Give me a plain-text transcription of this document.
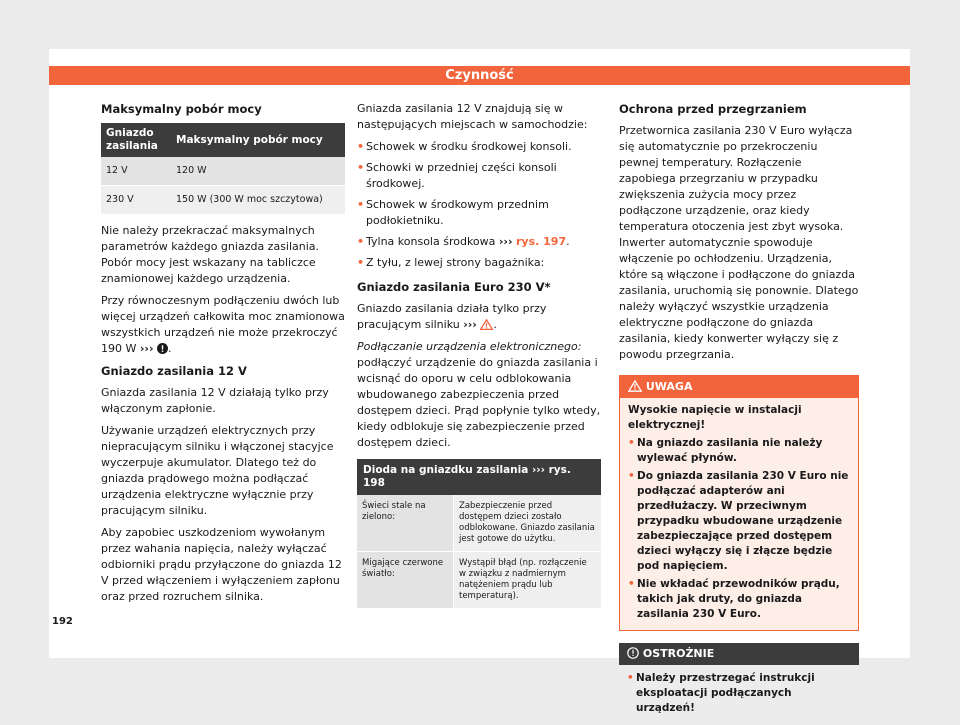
Czynność
Maksymalny pobór mocy
Gniazdo zasilania	Maksymalny pobór mocy
12 V	120 W
230 V	150 W (300 W moc szczytowa)

Nie należy przekraczać maksymalnych parametrów każdego gniazda zasilania. Pobór mocy jest wskazany na tabliczce znamionowej każdego urządzenia.

Przy równoczesnym podłączeniu dwóch lub więcej urządzeń całkowita moc znamionowa wszystkich urządzeń nie może przekroczyć 190 W ››› .

Gniazdo zasilania 12 V

Gniazda zasilania 12 V działają tylko przy włączonym zapłonie.

Używanie urządzeń elektrycznych przy niepracującym silniku i włączonej stacyjce wyczerpuje akumulator. Dlatego też do gniazda prądowego można podłączać urządzenia elektryczne wyłącznie przy pracującym silniku.

Aby zapobiec uszkodzeniom wywołanym przez wahania napięcia, należy wyłączać odbiorniki prądu przyłączone do gniazda 12 V przed włączeniem i wyłączeniem zapłonu oraz przed rozruchem silnika.

Gniazda zasilania 12 V znajdują się w następujących miejscach w samochodzie:

• Schowek w środku środkowej konsoli.
• Schowki w przedniej części konsoli środkowej.
• Schowek w środkowym przednim podłokietniku.
• Tylna konsola środkowa ››› rys. 197.
• Z tyłu, z lewej strony bagażnika:
Gniazdo zasilania Euro 230 V*

Gniazdo zasilania działa tylko przy pracującym silniku ››› .

Podłączanie urządzenia elektronicznego: podłączyć urządzenie do gniazda zasilania i wcisnąć do oporu w celu odblokowania wbudowanego zabezpieczenia przed dostępem dzieci. Prąd popłynie tylko wtedy, kiedy odblokuje się zabezpieczenie przed dostępem dzieci.

Dioda na gniazdku zasilania ››› rys. 198
Świeci stale na zielono:
Zabezpieczenie przed dostępem dzieci zostało odblokowane. Gniazdo zasilania jest gotowe do użytku.
Migające czerwone światło:
Wystąpił błąd (np. rozłączenie w związku z nadmiernym natężeniem prądu lub temperaturą).
Ochrona przed przegrzaniem

Przetwornica zasilania 230 V Euro wyłącza się automatycznie po przekroczeniu pewnej temperatury. Rozłączenie zapobiega przegrzaniu w przypadku zwiększenia zużycia mocy przez podłączone urządzenie, oraz kiedy temperatura otoczenia jest zbyt wysoka. Inwerter automatycznie spowoduje włączenie po ochłodzeniu. Urządzenia, które są włączone i podłączone do gniazda zasilania, uruchomią się ponownie. Dlatego należy wyłączyć wszystkie urządzenia elektryczne podłączone do gniazda zasilania, kiedy konwerter wyłączy się z powodu przegrzania.

UWAGA
Wysokie napięcie w instalacji elektrycznej!
• Na gniazdo zasilania nie należy wylewać płynów.
• Do gniazda zasilania 230 V Euro nie podłączać adapterów ani przedłużaczy. W przeciwnym przypadku wbudowane urządzenie zabezpieczające przed dostępem dzieci wyłączy się i złącze będzie pod napięciem.
• Nie wkładać przewodników prądu, takich jak druty, do gniazda zasilania 230 V Euro.
OSTROŻNIE
• Należy przestrzegać instrukcji eksploatacji podłączanych urządzeń!
192
